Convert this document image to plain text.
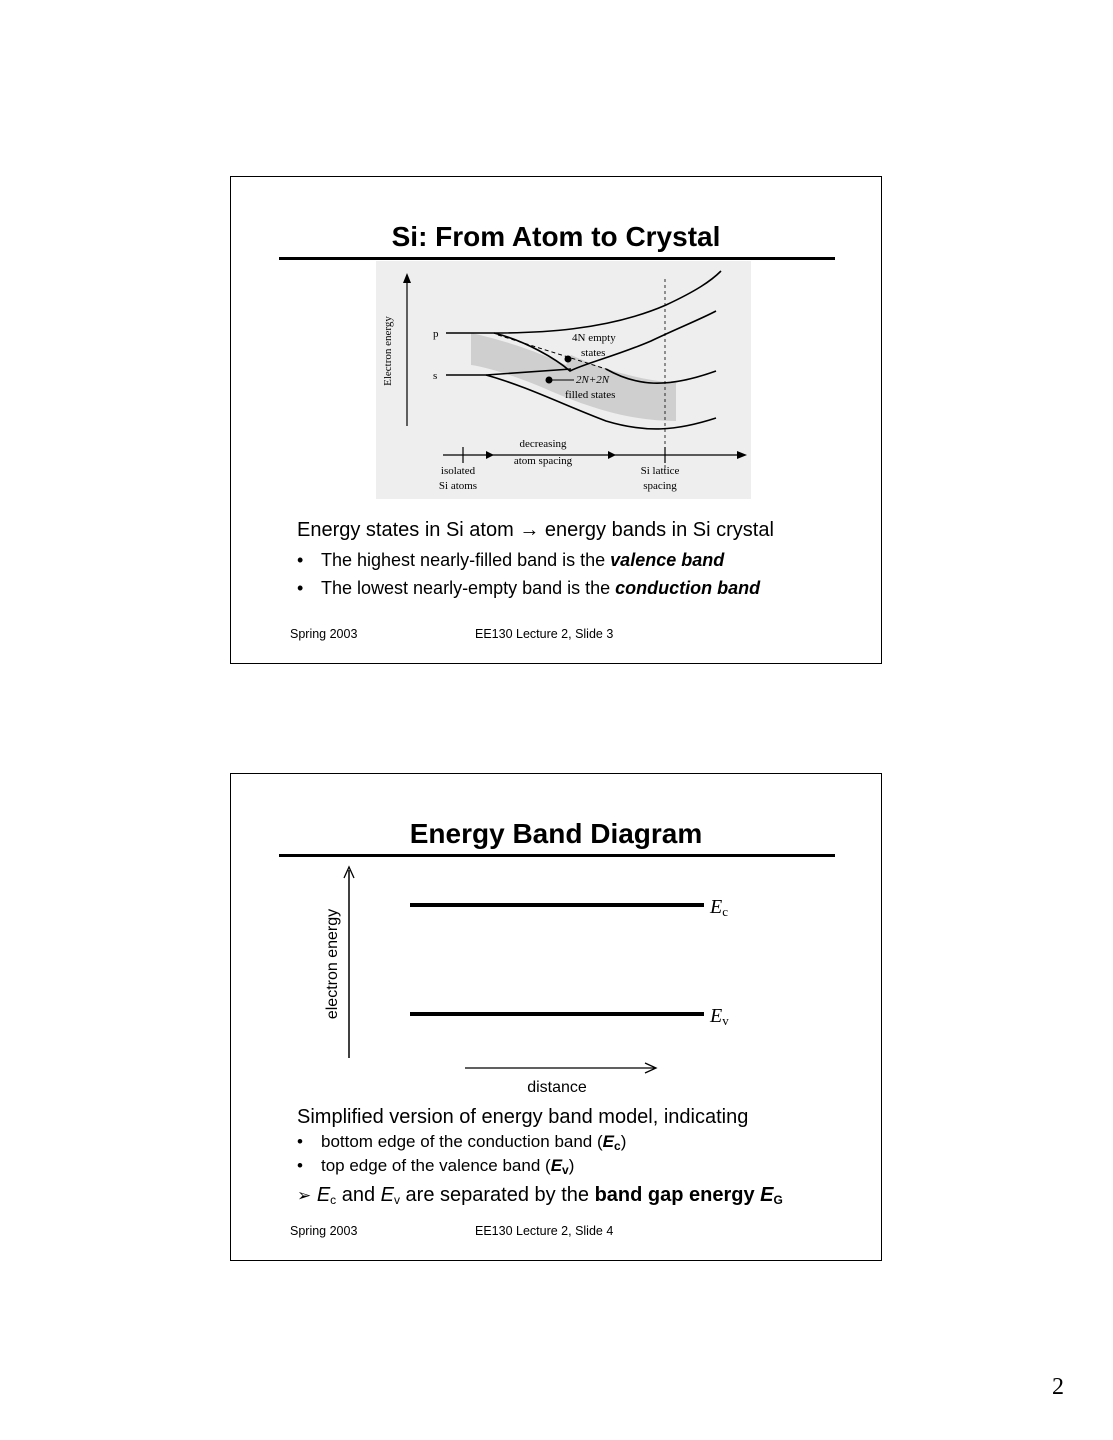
Si: From Atom to Crystal
Electron energy	p
s
4N empty
states
2N+2N
filled states
decreasing
atom spacing
isolated
Si atoms
Si lattice
spacing
Energy states in Si atom → energy bands in Si crystal
• The highest nearly-filled band is the valence band
• The lowest nearly-empty band is the conduction band
Spring 2003	EE130 Lecture 2, Slide 3
Energy Band Diagram
electron energy
Ec
Ev
distance
Simplified version of energy band model, indicating
• bottom edge of the conduction band $(E_c)$
• top edge of the valence band $(E_v)$
➢ $E_c$ and $E_v$ are separated by the band gap energy $E_G$
Spring 2003	EE130 Lecture 2, Slide 4
2
